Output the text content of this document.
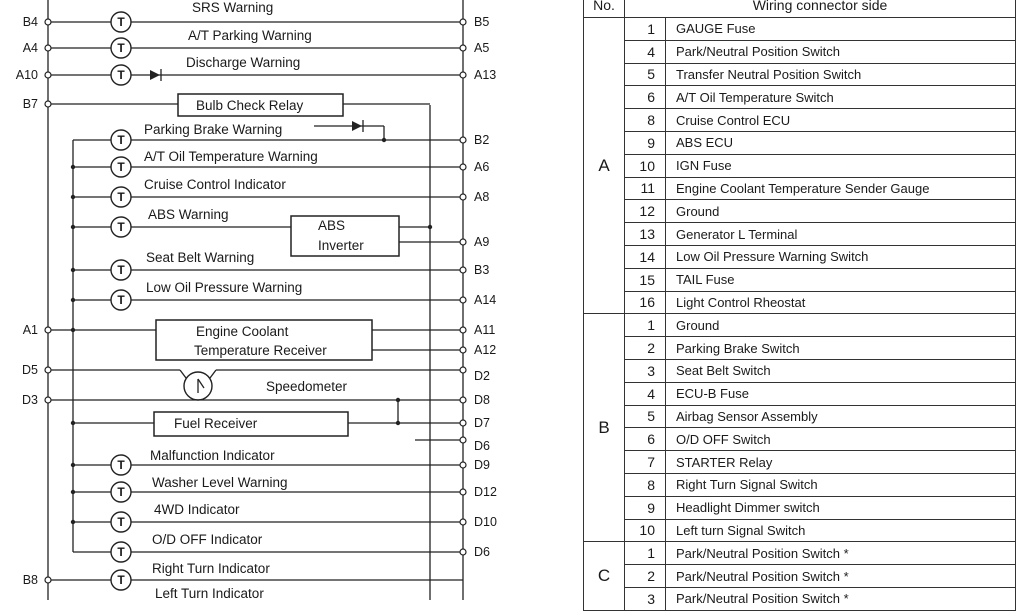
T
T
T
T
T
T
T
T
T
T
T
T
T
T
SRS Warning
A/T Parking Warning
Discharge Warning
Bulb Check Relay
Parking Brake Warning
A/T Oil Temperature Warning
Cruise Control Indicator
ABS Warning
ABS
Inverter
Seat Belt Warning
Low Oil Pressure Warning
Engine Coolant
Temperature Receiver
Speedometer
Fuel Receiver
Malfunction Indicator
Washer Level Warning
4WD Indicator
O/D OFF Indicator
Right Turn Indicator
Left Turn Indicator
B4
A4
A10
B7
A1
D5
D3
B8
B5
A5
A13
B2
A6
A8
A9
B3
A14
A11
A12
D2
D8
D7
D6
D9
D12
D10
D6
No.	Wiring connector side	
A	1	GAUGE Fuse
	4	Park/Neutral Position Switch
	5	Transfer Neutral Position Switch
	6	A/T Oil Temperature Switch
	8	Cruise Control ECU
	9	ABS ECU
	10	IGN Fuse
	11	Engine Coolant Temperature Sender Gauge
	12	Ground
	13	Generator L Terminal
	14	Low Oil Pressure Warning Switch
	15	TAIL Fuse
	16	Light Control Rheostat
B	1	Ground
	2	Parking Brake Switch
	3	Seat Belt Switch
	4	ECU-B Fuse
	5	Airbag Sensor Assembly
	6	O/D OFF Switch
	7	STARTER Relay
	8	Right Turn Signal Switch
	9	Headlight Dimmer switch
	10	Left turn Signal Switch
C	1	Park/Neutral Position Switch *
	2	Park/Neutral Position Switch *
	3	Park/Neutral Position Switch *
